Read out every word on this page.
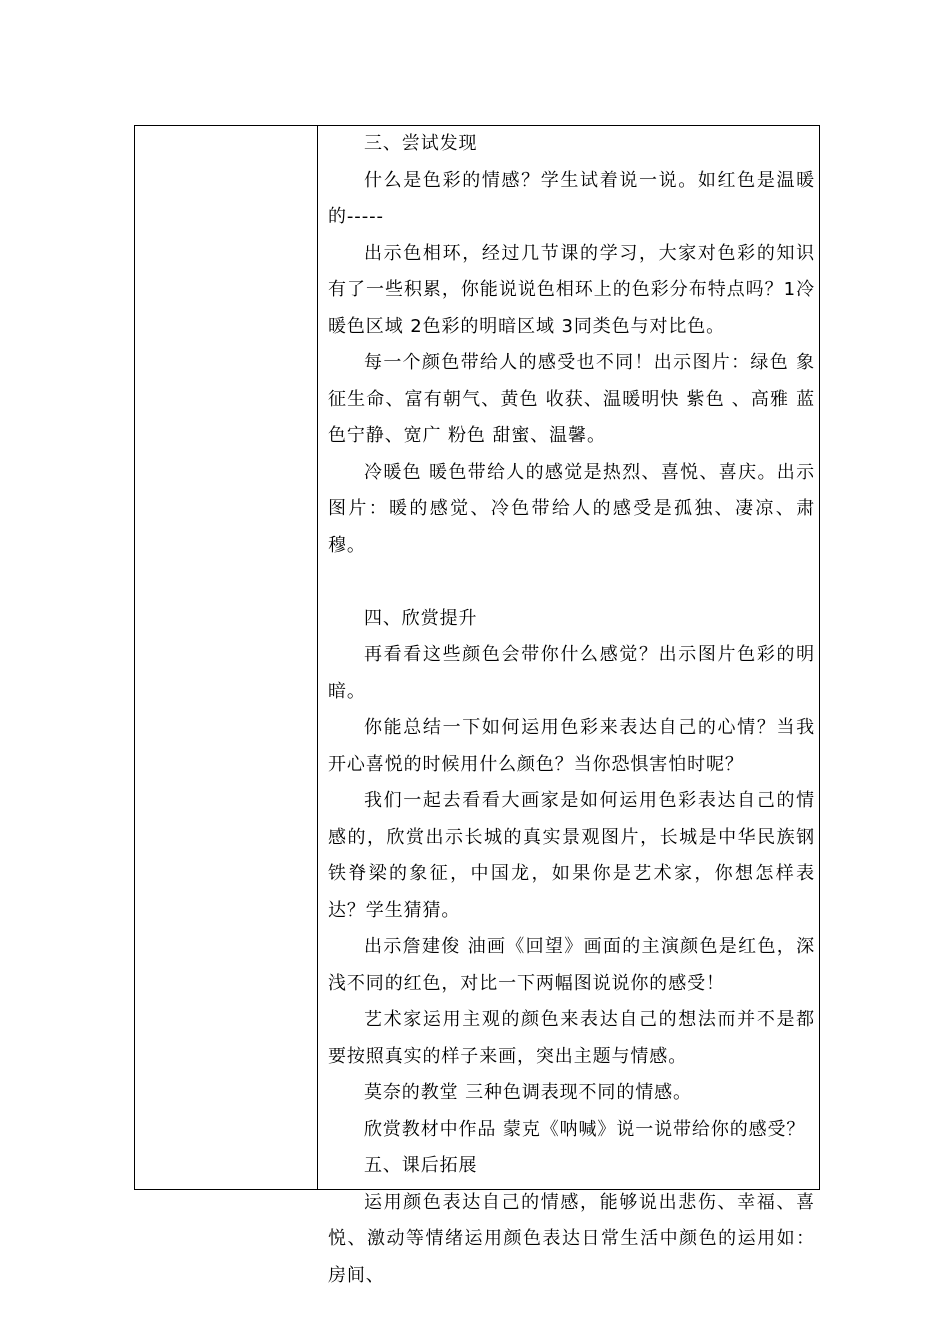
三、尝试发现

什么是色彩的情感？学生试着说一说。如红色是温暖的-----

出示色相环，经过几节课的学习，大家对色彩的知识有了一些积累，你能说说色相环上的色彩分布特点吗？1冷暖色区域 2色彩的明暗区域 3同类色与对比色。

每一个颜色带给人的感受也不同！出示图片：绿色 象征生命、富有朝气、黄色 收获、温暖明快 紫色 、高雅 蓝色宁静、宽广 粉色 甜蜜、温馨。

冷暖色 暖色带给人的感觉是热烈、喜悦、喜庆。出示图片：暖的感觉、冷色带给人的感受是孤独、凄凉、肃穆。

四、欣赏提升

再看看这些颜色会带你什么感觉？出示图片色彩的明暗。

你能总结一下如何运用色彩来表达自己的心情？当我开心喜悦的时候用什么颜色？当你恐惧害怕时呢？

我们一起去看看大画家是如何运用色彩表达自己的情感的，欣赏出示长城的真实景观图片，长城是中华民族钢铁脊梁的象征，中国龙，如果你是艺术家，你想怎样表达？学生猜猜。

出示詹建俊 油画《回望》画面的主演颜色是红色，深浅不同的红色，对比一下两幅图说说你的感受！

艺术家运用主观的颜色来表达自己的想法而并不是都要按照真实的样子来画，突出主题与情感。

莫奈的教堂 三种色调表现不同的情感。

欣赏教材中作品 蒙克《呐喊》说一说带给你的感受？

五、课后拓展

运用颜色表达自己的情感，能够说出悲伤、幸福、喜悦、激动等情绪运用颜色表达日常生活中颜色的运用如：房间、
